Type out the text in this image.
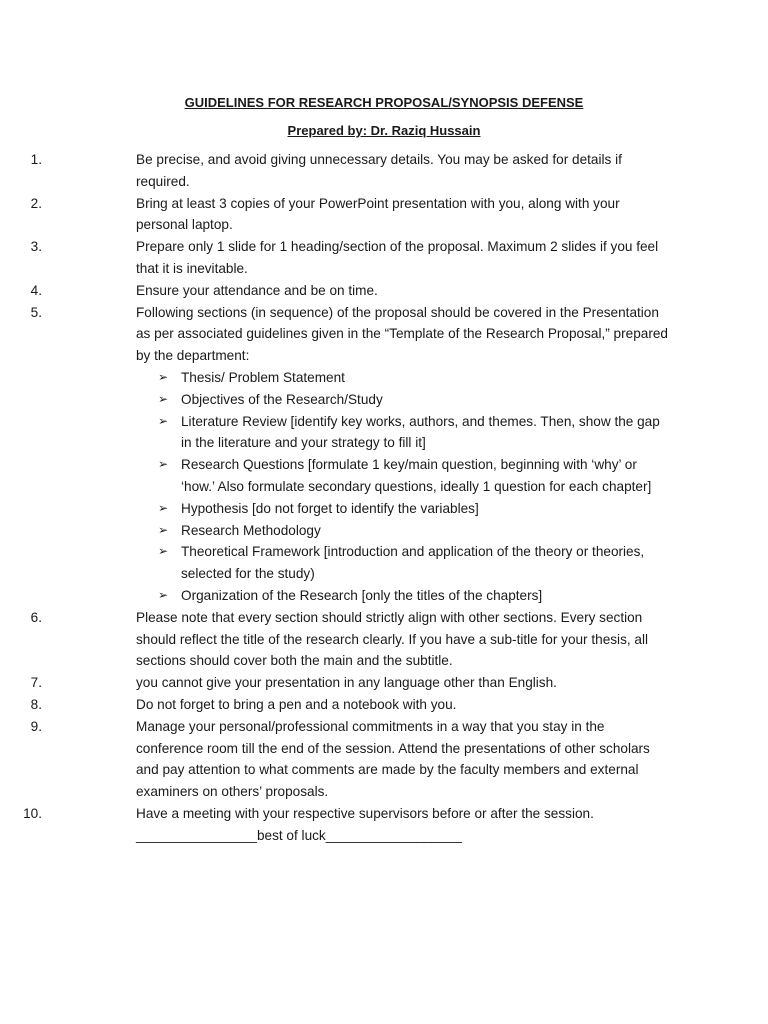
GUIDELINES FOR RESEARCH PROPOSAL/SYNOPSIS DEFENSE
Prepared by: Dr. Raziq Hussain
1.	Be precise, and avoid giving unnecessary details. You may be asked for details if
required.
2.	Bring at least 3 copies of your PowerPoint presentation with you, along with your
personal laptop.
3.	Prepare only 1 slide for 1 heading/section of the proposal. Maximum 2 slides if you feel
that it is inevitable.
4.	Ensure your attendance and be on time.
5.	Following sections (in sequence) of the proposal should be covered in the Presentation
as per associated guidelines given in the “Template of the Research Proposal,” prepared
by the department:
➢ Thesis/ Problem Statement
➢ Objectives of the Research/Study
➢ Literature Review [identify key works, authors, and themes. Then, show the gap
in the literature and your strategy to fill it]
➢ Research Questions [formulate 1 key/main question, beginning with ‘why’ or
‘how.’ Also formulate secondary questions, ideally 1 question for each chapter]
➢ Hypothesis [do not forget to identify the variables]
➢ Research Methodology
➢ Theoretical Framework [introduction and application of the theory or theories,
selected for the study)
➢ Organization of the Research [only the titles of the chapters]
6.	Please note that every section should strictly align with other sections. Every section
should reflect the title of the research clearly. If you have a sub-title for your thesis, all
sections should cover both the main and the subtitle.
7.	you cannot give your presentation in any language other than English.
8.	Do not forget to bring a pen and a notebook with you.
9.	Manage your personal/professional commitments in a way that you stay in the
conference room till the end of the session. Attend the presentations of other scholars
and pay attention to what comments are made by the faculty members and external
examiners on others’ proposals.
10.	Have a meeting with your respective supervisors before or after the session.
________________best of luck__________________
